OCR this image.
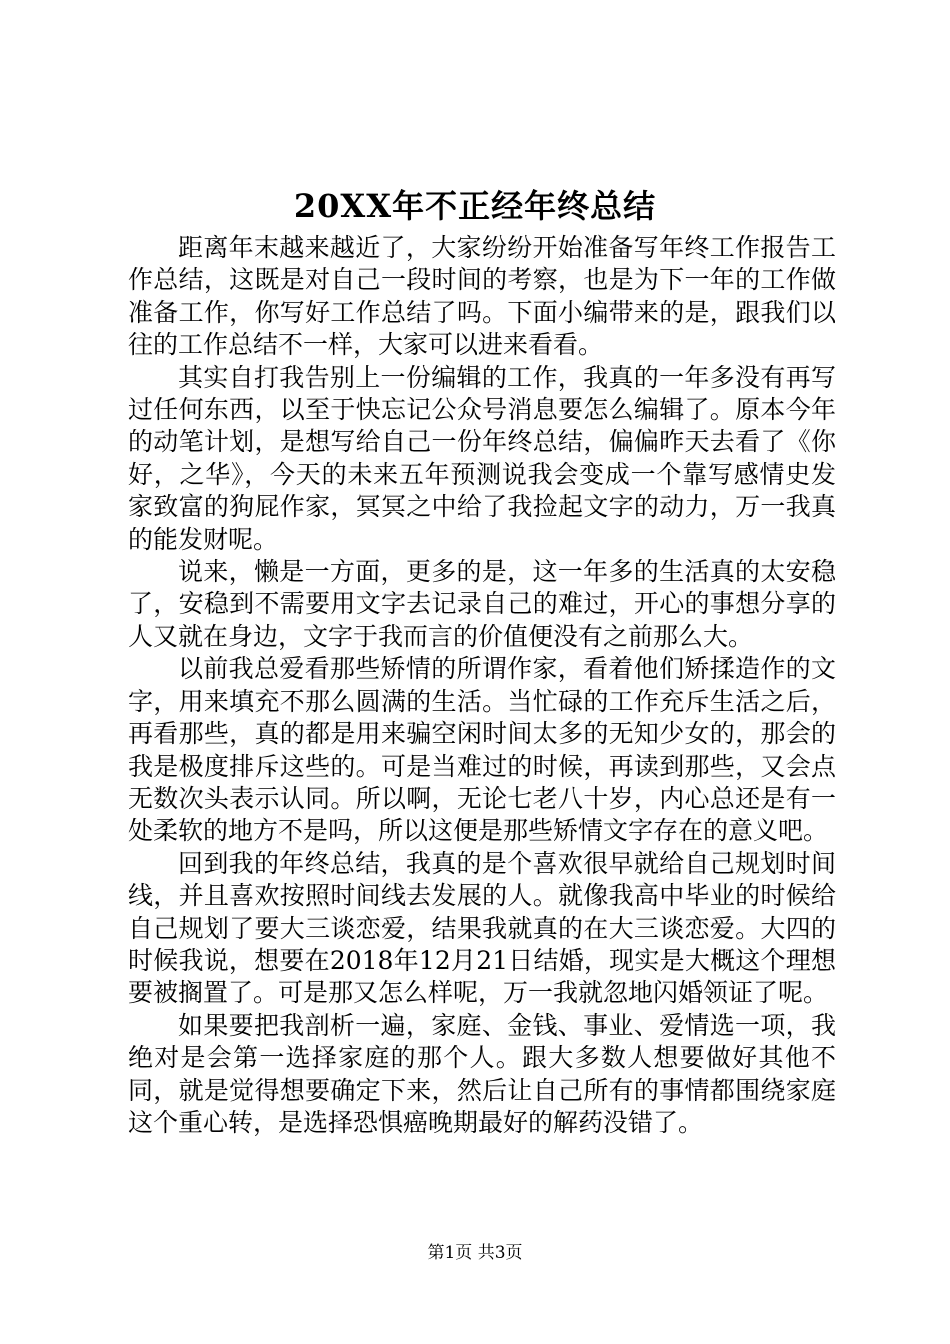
20XX年不正经年终总结

距离年末越来越近了，大家纷纷开始准备写年终工作报告工作总结，这既是对自己一段时间的考察，也是为下一年的工作做准备工作，你写好工作总结了吗。下面小编带来的是，跟我们以往的工作总结不一样，大家可以进来看看。

其实自打我告别上一份编辑的工作，我真的一年多没有再写过任何东西，以至于快忘记公众号消息要怎么编辑了。原本今年的动笔计划，是想写给自己一份年终总结，偏偏昨天去看了《你好，之华》，今天的未来五年预测说我会变成一个靠写感情史发家致富的狗屁作家，冥冥之中给了我捡起文字的动力，万一我真的能发财呢。

说来，懒是一方面，更多的是，这一年多的生活真的太安稳了，安稳到不需要用文字去记录自己的难过，开心的事想分享的人又就在身边，文字于我而言的价值便没有之前那么大。

以前我总爱看那些矫情的所谓作家，看着他们矫揉造作的文字，用来填充不那么圆满的生活。当忙碌的工作充斥生活之后，再看那些，真的都是用来骗空闲时间太多的无知少女的，那会的我是极度排斥这些的。可是当难过的时候，再读到那些，又会点无数次头表示认同。所以啊，无论七老八十岁，内心总还是有一处柔软的地方不是吗，所以这便是那些矫情文字存在的意义吧。

回到我的年终总结，我真的是个喜欢很早就给自己规划时间线，并且喜欢按照时间线去发展的人。就像我高中毕业的时候给自己规划了要大三谈恋爱，结果我就真的在大三谈恋爱。大四的时候我说，想要在2018年12月21日结婚，现实是大概这个理想要被搁置了。可是那又怎么样呢，万一我就忽地闪婚领证了呢。

如果要把我剖析一遍，家庭、金钱、事业、爱情选一项，我绝对是会第一选择家庭的那个人。跟大多数人想要做好其他不同，就是觉得想要确定下来，然后让自己所有的事情都围绕家庭这个重心转，是选择恐惧癌晚期最好的解药没错了。

第1页 共3页
